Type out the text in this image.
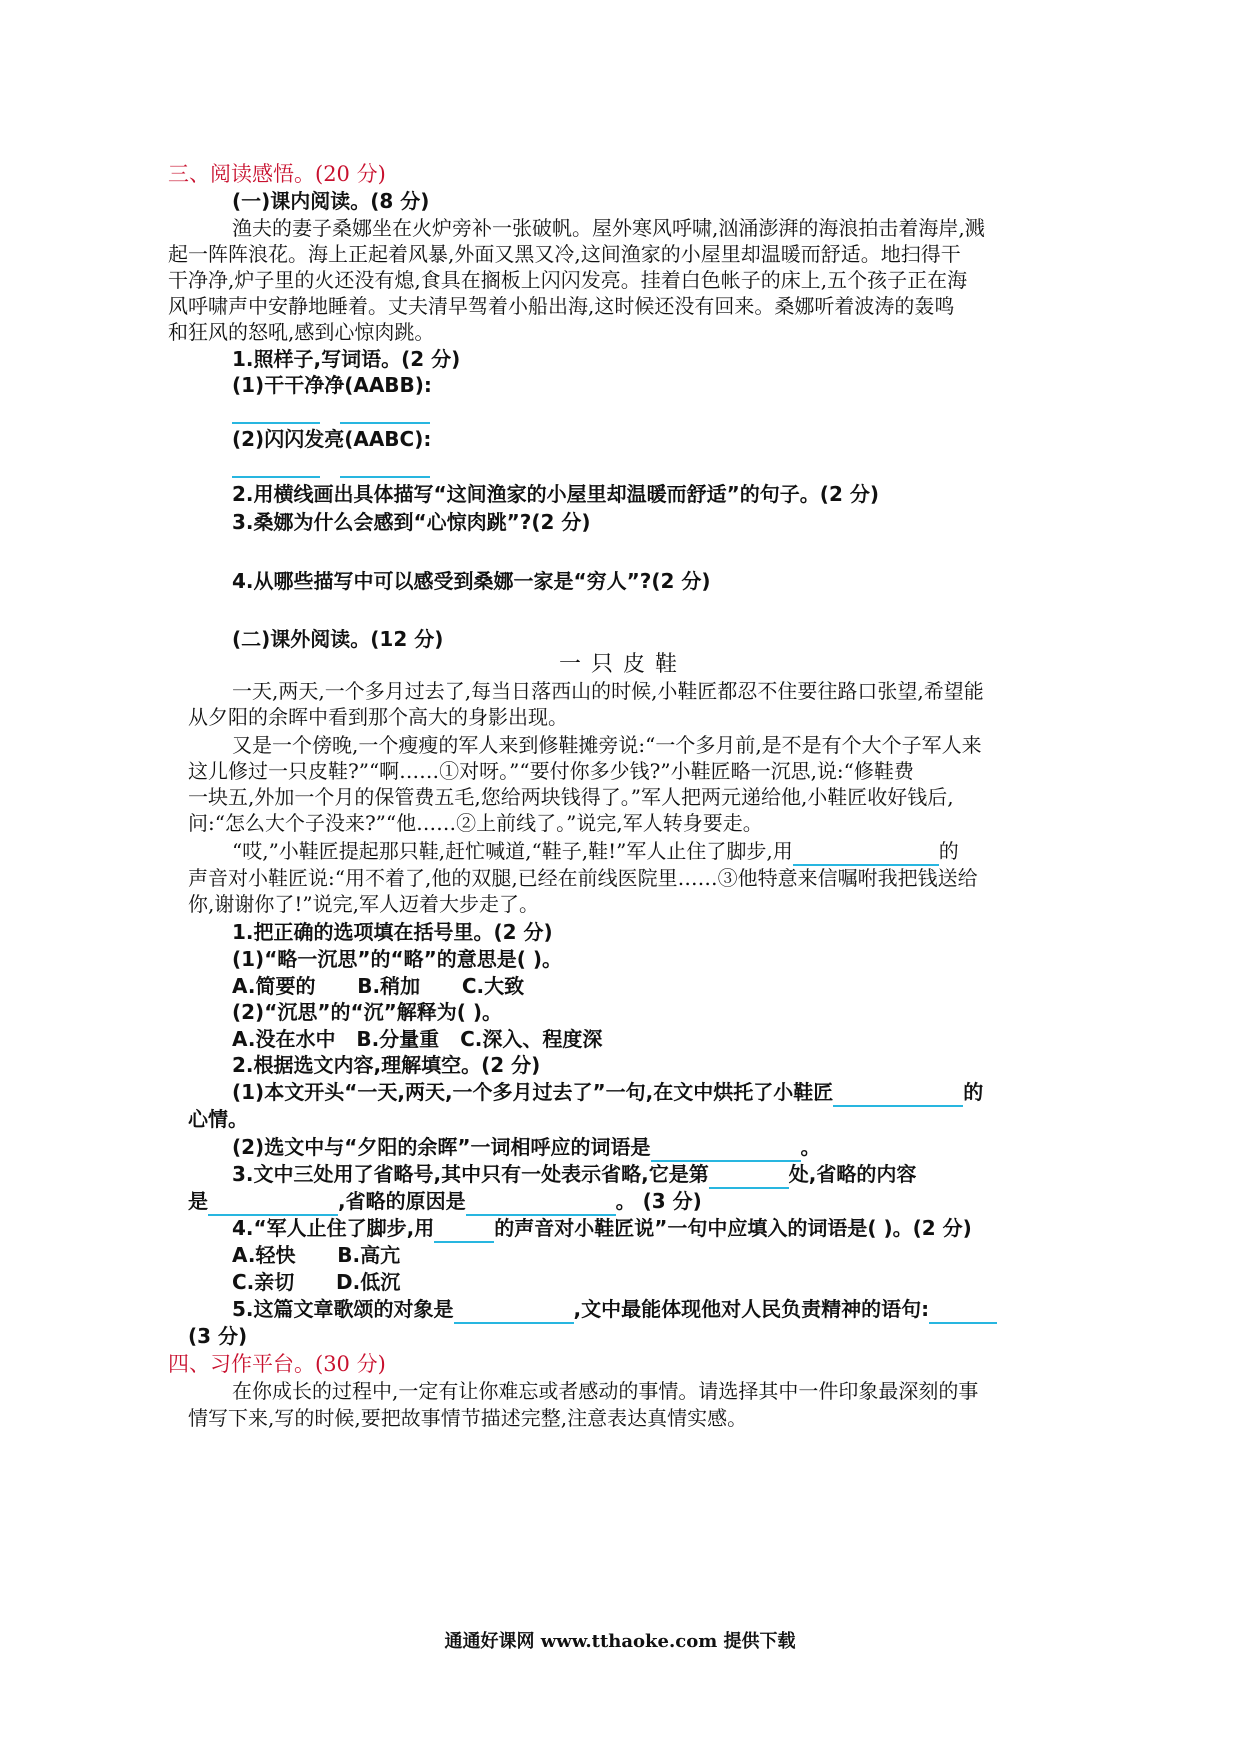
三、阅读感悟。(20 分)
(一)课内阅读。(8 分)
渔夫的妻子桑娜坐在火炉旁补一张破帆。屋外寒风呼啸,汹涌澎湃的海浪拍击着海岸,溅
起一阵阵浪花。海上正起着风暴,外面又黑又冷,这间渔家的小屋里却温暖而舒适。地扫得干
干净净,炉子里的火还没有熄,食具在搁板上闪闪发亮。挂着白色帐子的床上,五个孩子正在海
风呼啸声中安静地睡着。丈夫清早驾着小船出海,这时候还没有回来。桑娜听着波涛的轰鸣
和狂风的怒吼,感到心惊肉跳。
1.照样子,写词语。(2 分)
(1)干干净净(AABB):
(2)闪闪发亮(AABC):
2.用横线画出具体描写“这间渔家的小屋里却温暖而舒适”的句子。(2 分)
3.桑娜为什么会感到“心惊肉跳”?(2 分)
4.从哪些描写中可以感受到桑娜一家是“穷人”?(2 分)
(二)课外阅读。(12 分)
一只皮鞋
一天,两天,一个多月过去了,每当日落西山的时候,小鞋匠都忍不住要往路口张望,希望能
从夕阳的余晖中看到那个高大的身影出现。
又是一个傍晚,一个瘦瘦的军人来到修鞋摊旁说:“一个多月前,是不是有个大个子军人来
这儿修过一只皮鞋?”“啊……①对呀。”“要付你多少钱?”小鞋匠略一沉思,说:“修鞋费
一块五,外加一个月的保管费五毛,您给两块钱得了。”军人把两元递给他,小鞋匠收好钱后,
问:“怎么大个子没来?”“他……②上前线了。”说完,军人转身要走。
“哎,”小鞋匠提起那只鞋,赶忙喊道,“鞋子,鞋!”军人止住了脚步,用	的
声音对小鞋匠说:“用不着了,他的双腿,已经在前线医院里……③他特意来信嘱咐我把钱送给
你,谢谢你了!”说完,军人迈着大步走了。
1.把正确的选项填在括号里。(2 分)
(1)“略一沉思”的“略”的意思是( )。
A.简要的      B.稍加      C.大致
(2)“沉思”的“沉”解释为( )。
A.没在水中   B.分量重   C.深入、程度深
2.根据选文内容,理解填空。(2 分)
(1)本文开头“一天,两天,一个多月过去了”一句,在文中烘托了小鞋匠	的
心情。
(2)选文中与“夕阳的余晖”一词相呼应的词语是	。
3.文中三处用了省略号,其中只有一处表示省略,它是第	处,省略的内容
是	,省略的原因是	。 (3 分)
4.“军人止住了脚步,用	的声音对小鞋匠说”一句中应填入的词语是( )。(2 分)
A.轻快      B.高亢
C.亲切      D.低沉
5.这篇文章歌颂的对象是	,文中最能体现他对人民负责精神的语句:
(3 分)
四、习作平台。(30 分)
在你成长的过程中,一定有让你难忘或者感动的事情。请选择其中一件印象最深刻的事
情写下来,写的时候,要把故事情节描述完整,注意表达真情实感。
通通好课网 www.tthaoke.com 提供下载
